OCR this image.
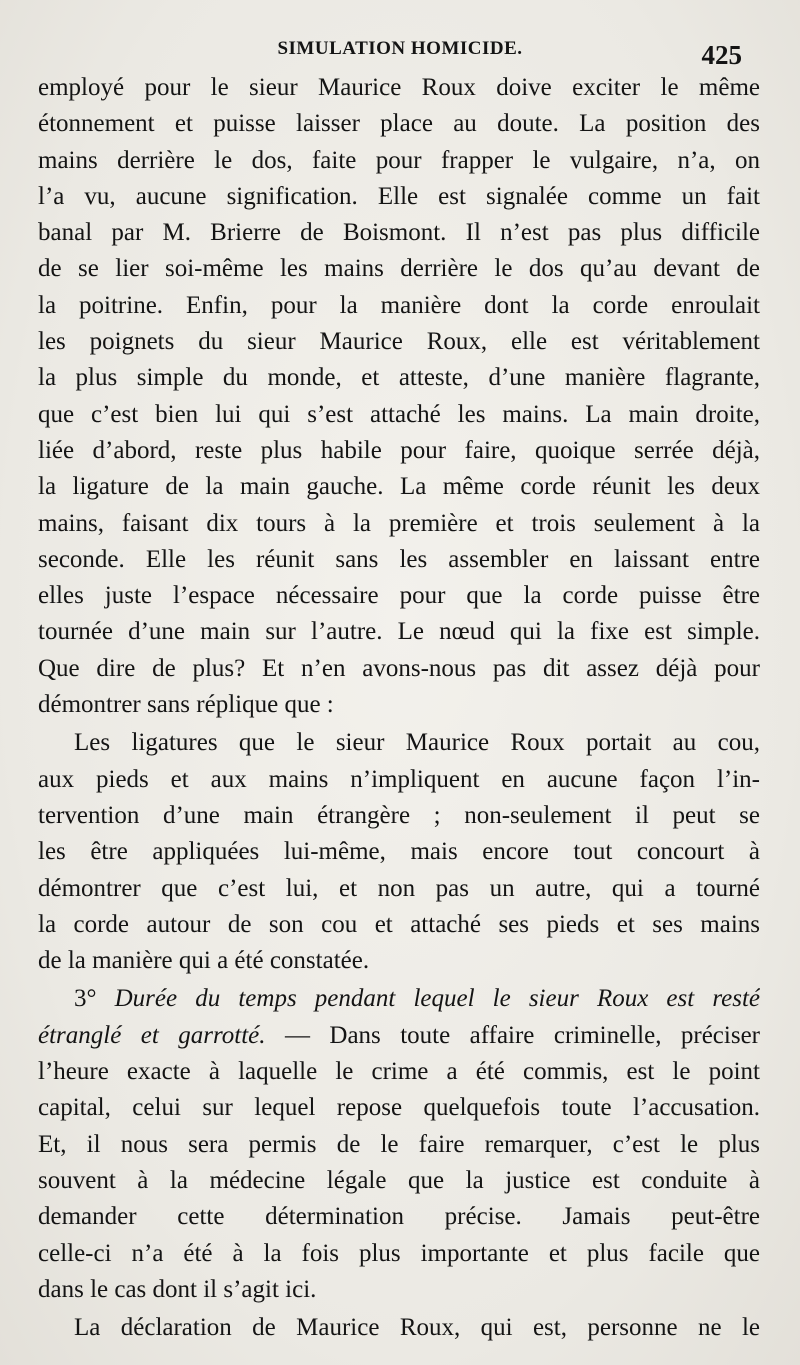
SIMULATION HOMICIDE.	425
employé pour le sieur Maurice Roux doive exciter le même
étonnement et puisse laisser place au doute. La position des
mains derrière le dos, faite pour frapper le vulgaire, n’a, on
l’a vu, aucune signification. Elle est signalée comme un fait
banal par M. Brierre de Boismont. Il n’est pas plus difficile
de se lier soi-même les mains derrière le dos qu’au devant de
la poitrine. Enfin, pour la manière dont la corde enroulait
les poignets du sieur Maurice Roux, elle est véritablement
la plus simple du monde, et atteste, d’une manière flagrante,
que c’est bien lui qui s’est attaché les mains. La main droite,
liée d’abord, reste plus habile pour faire, quoique serrée déjà,
la ligature de la main gauche. La même corde réunit les deux
mains, faisant dix tours à la première et trois seulement à la
seconde. Elle les réunit sans les assembler en laissant entre
elles juste l’espace nécessaire pour que la corde puisse être
tournée d’une main sur l’autre. Le nœud qui la fixe est simple.
Que dire de plus? Et n’en avons-nous pas dit assez déjà pour
démontrer sans réplique que :
Les ligatures que le sieur Maurice Roux portait au cou,
aux pieds et aux mains n’impliquent en aucune façon l’in-
tervention d’une main étrangère ; non-seulement il peut se
les être appliquées lui-même, mais encore tout concourt à
démontrer que c’est lui, et non pas un autre, qui a tourné
la corde autour de son cou et attaché ses pieds et ses mains
de la manière qui a été constatée.
3° Durée du temps pendant lequel le sieur Roux est resté
étranglé et garrotté. — Dans toute affaire criminelle, préciser
l’heure exacte à laquelle le crime a été commis, est le point
capital, celui sur lequel repose quelquefois toute l’accusation.
Et, il nous sera permis de le faire remarquer, c’est le plus
souvent à la médecine légale que la justice est conduite à
demander cette détermination précise. Jamais peut-être
celle-ci n’a été à la fois plus importante et plus facile que
dans le cas dont il s’agit ici.
La déclaration de Maurice Roux, qui est, personne ne le
